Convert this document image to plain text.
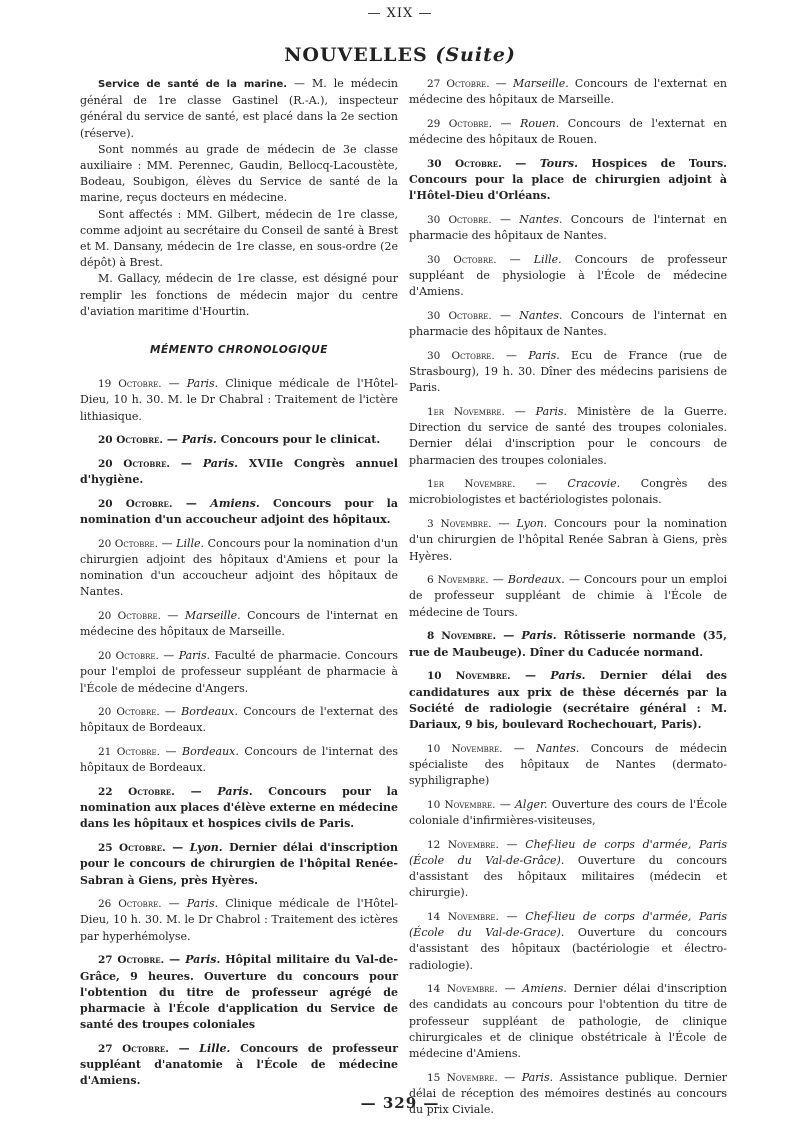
— XIX —
NOUVELLES (Suite)

Service de santé de la marine. — M. le médecin général de 1re classe Gastinel (R.-A.), inspecteur général du service de santé, est placé dans la 2e section (réserve).

Sont nommés au grade de médecin de 3e classe auxiliaire : MM. Perennec, Gaudin, Bellocq-Lacoustète, Bodeau, Soubigon, élèves du Service de santé de la marine, reçus docteurs en médecine.

Sont affectés : MM. Gilbert, médecin de 1re classe, comme adjoint au secrétaire du Conseil de santé à Brest et M. Dansany, médecin de 1re classe, en sous-ordre (2e dépôt) à Brest.

M. Gallacy, médecin de 1re classe, est désigné pour remplir les fonctions de médecin major du centre d'aviation maritime d'Hourtin.

MÉMENTO CHRONOLOGIQUE

19 Octobre. — Paris. Clinique médicale de l'Hôtel-Dieu, 10 h. 30. M. le Dr Chabral : Traitement de l'ictère lithiasique.

20 Octobre. — Paris. Concours pour le clinicat.

20 Octobre. — Paris. XVIIe Congrès annuel d'hygiène.

20 Octobre. — Amiens. Concours pour la nomination d'un accoucheur adjoint des hôpitaux.

20 Octobre. — Lille. Concours pour la nomination d'un chirurgien adjoint des hôpitaux d'Amiens et pour la nomination d'un accoucheur adjoint des hôpitaux de Nantes.

20 Octobre. — Marseille. Concours de l'internat en médecine des hôpitaux de Marseille.

20 Octobre. — Paris. Faculté de pharmacie. Concours pour l'emploi de professeur suppléant de pharmacie à l'École de médecine d'Angers.

20 Octobre. — Bordeaux. Concours de l'externat des hôpitaux de Bordeaux.

21 Octobre. — Bordeaux. Concours de l'internat des hôpitaux de Bordeaux.

22 Octobre. — Paris. Concours pour la nomination aux places d'élève externe en médecine dans les hôpitaux et hospices civils de Paris.

25 Octobre. — Lyon. Dernier délai d'inscription pour le concours de chirurgien de l'hôpital Renée-Sabran à Giens, près Hyères.

26 Octobre. — Paris. Clinique médicale de l'Hôtel-Dieu, 10 h. 30. M. le Dr Chabrol : Traitement des ictères par hyperhémolyse.

27 Octobre. — Paris. Hôpital militaire du Val-de-Grâce, 9 heures. Ouverture du concours pour l'obtention du titre de professeur agrégé de pharmacie à l'École d'application du Service de santé des troupes coloniales

27 Octobre. — Lille. Concours de professeur suppléant d'anatomie à l'École de médecine d'Amiens.

27 Octobre. — Marseille. Concours de l'externat en médecine des hôpitaux de Marseille.

29 Octobre. — Rouen. Concours de l'externat en médecine des hôpitaux de Rouen.

30 Octobre. — Tours. Hospices de Tours. Concours pour la place de chirurgien adjoint à l'Hôtel-Dieu d'Orléans.

30 Octobre. — Nantes. Concours de l'internat en pharmacie des hôpitaux de Nantes.

30 Octobre. — Lille. Concours de professeur suppléant de physiologie à l'École de médecine d'Amiens.

30 Octobre. — Nantes. Concours de l'internat en pharmacie des hôpitaux de Nantes.

30 Octobre. — Paris. Ecu de France (rue de Strasbourg), 19 h. 30. Dîner des médecins parisiens de Paris.

1er Novembre. — Paris. Ministère de la Guerre. Direction du service de santé des troupes coloniales. Dernier délai d'inscription pour le concours de pharmacien des troupes coloniales.

1er Novembre. — Cracovie. Congrès des microbiologistes et bactériologistes polonais.

3 Novembre. — Lyon. Concours pour la nomination d'un chirurgien de l'hôpital Renée Sabran à Giens, près Hyères.

6 Novembre. — Bordeaux. — Concours pour un emploi de professeur suppléant de chimie à l'École de médecine de Tours.

8 Novembre. — Paris. Rôtisserie normande (35, rue de Maubeuge). Dîner du Caducée normand.

10 Novembre. — Paris. Dernier délai des candidatures aux prix de thèse décernés par la Société de radiologie (secrétaire général : M. Dariaux, 9 bis, boulevard Rochechouart, Paris).

10 Novembre. — Nantes. Concours de médecin spécialiste des hôpitaux de Nantes (dermato-syphiligraphe)

10 Novembre. — Alger. Ouverture des cours de l'École coloniale d'infirmières-visiteuses,

12 Novembre. — Chef-lieu de corps d'armée, Paris (École du Val-de-Grâce). Ouverture du concours d'assistant des hôpitaux militaires (médecin et chirurgie).

14 Novembre. — Chef-lieu de corps d'armée, Paris (École du Val-de-Grace). Ouverture du concours d'assistant des hôpitaux (bactériologie et électro-radiologie).

14 Novembre. — Amiens. Dernier délai d'inscription des candidats au concours pour l'obtention du titre de professeur suppléant de pathologie, de clinique chirurgicales et de clinique obstétricale à l'École de médecine d'Amiens.

15 Novembre. — Paris. Assistance publique. Dernier délai de réception des mémoires destinés au concours du prix Civiale.

— 329 —
